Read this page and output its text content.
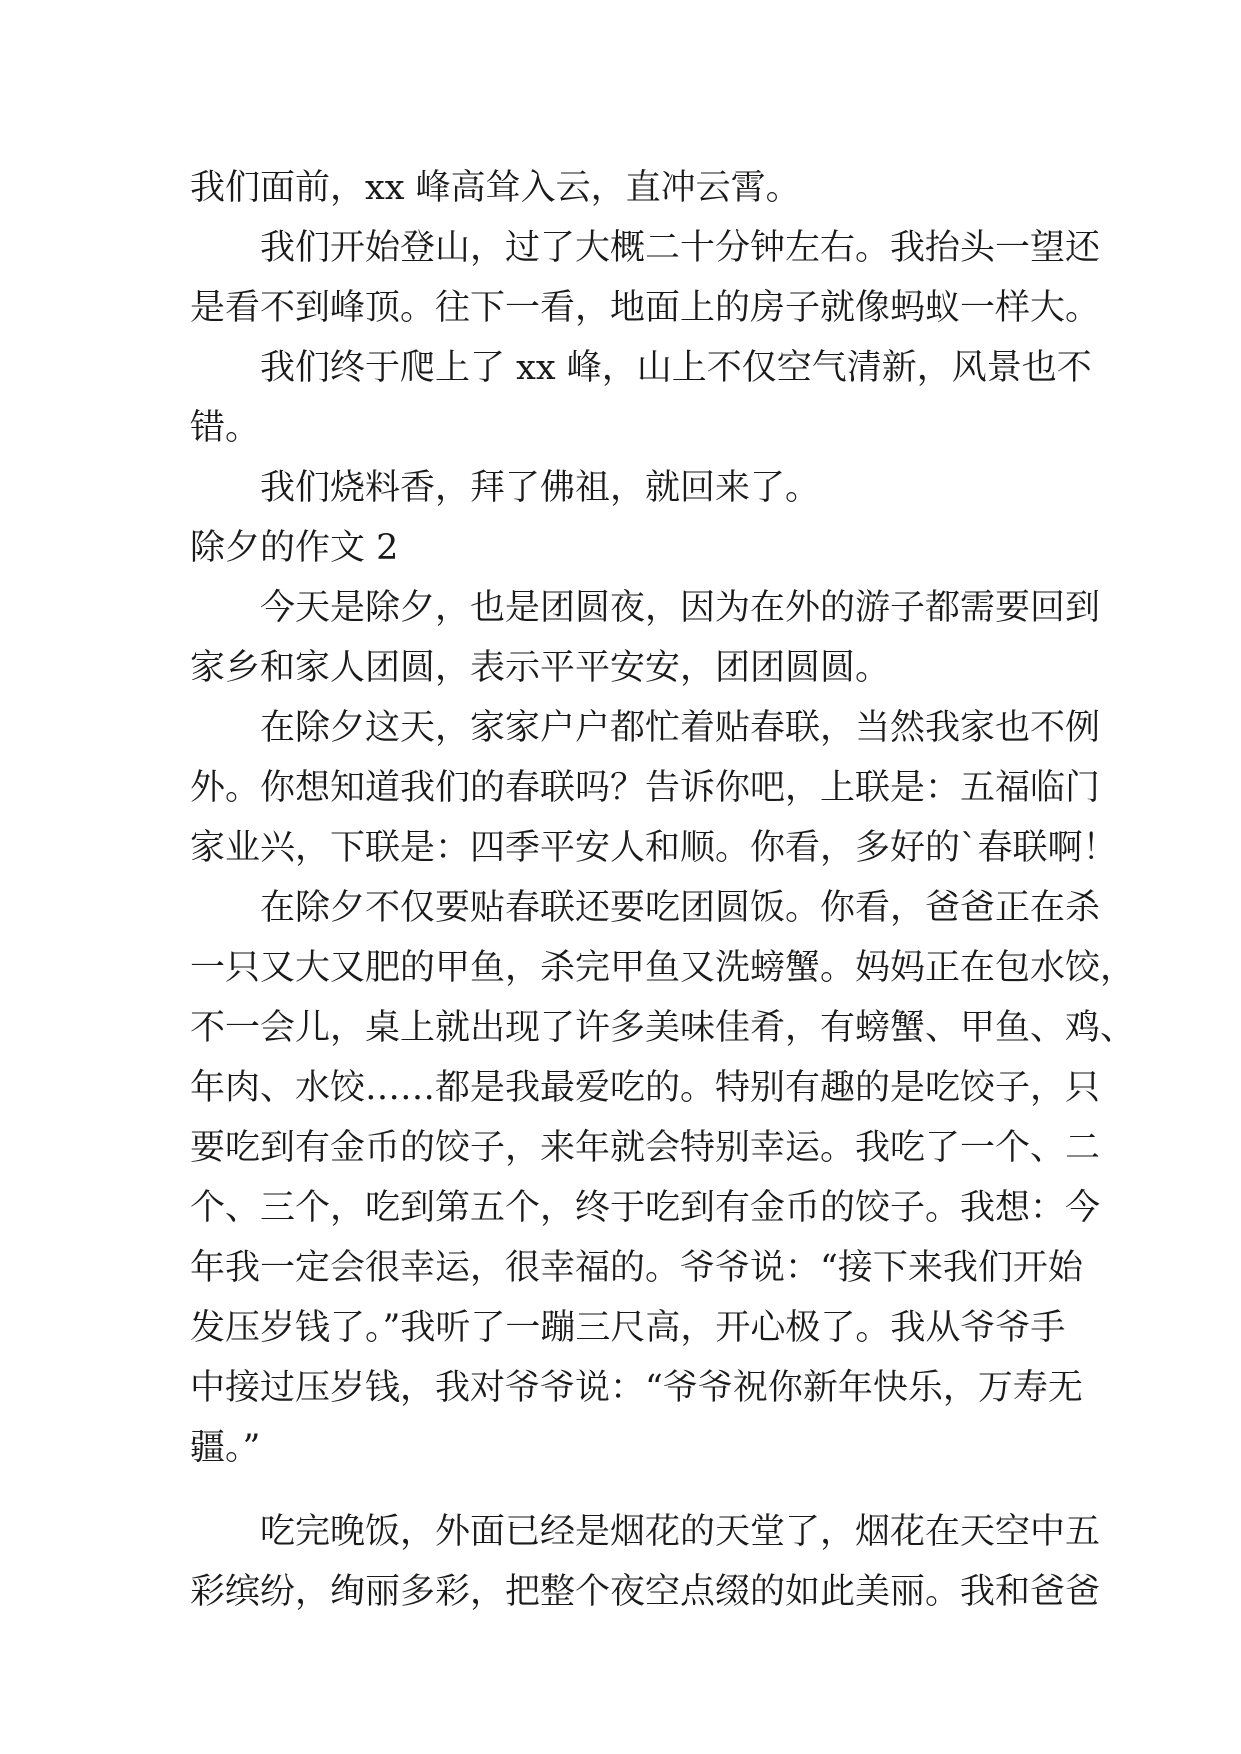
我们面前，xx 峰高耸入云，直冲云霄。
我们开始登山，过了大概二十分钟左右。我抬头一望还
是看不到峰顶。往下一看，地面上的房子就像蚂蚁一样大。
我们终于爬上了 xx 峰，山上不仅空气清新，风景也不
错。
我们烧料香，拜了佛祖，就回来了。
除夕的作文 2
今天是除夕，也是团圆夜，因为在外的游子都需要回到
家乡和家人团圆，表示平平安安，团团圆圆。
在除夕这天，家家户户都忙着贴春联，当然我家也不例
外。你想知道我们的春联吗？告诉你吧，上联是：五福临门
家业兴，下联是：四季平安人和顺。你看，多好的`春联啊！
在除夕不仅要贴春联还要吃团圆饭。你看，爸爸正在杀
一只又大又肥的甲鱼，杀完甲鱼又洗螃蟹。妈妈正在包水饺，
不一会儿，桌上就出现了许多美味佳肴，有螃蟹、甲鱼、鸡、
年肉、水饺……都是我最爱吃的。特别有趣的是吃饺子，只
要吃到有金币的饺子，来年就会特别幸运。我吃了一个、二
个、三个，吃到第五个，终于吃到有金币的饺子。我想：今
年我一定会很幸运，很幸福的。爷爷说：“接下来我们开始
发压岁钱了。”我听了一蹦三尺高，开心极了。我从爷爷手
中接过压岁钱，我对爷爷说：“爷爷祝你新年快乐，万寿无
疆。”
吃完晚饭，外面已经是烟花的天堂了，烟花在天空中五
彩缤纷，绚丽多彩，把整个夜空点缀的如此美丽。我和爸爸
